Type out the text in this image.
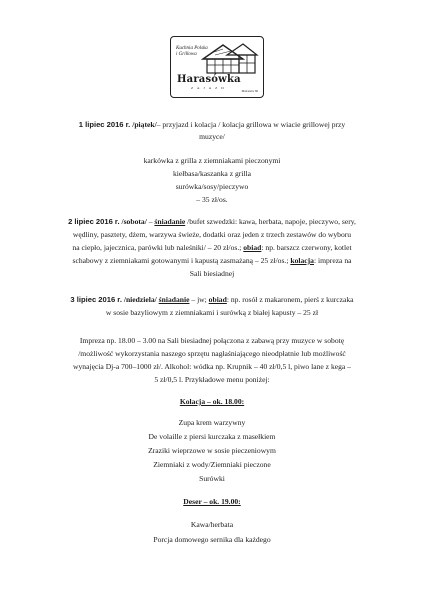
Kuchnia Polska
i Grillowa
Harasówka
Z A J A Z D
Malcanów 66
1 lipiec 2016 r. /piątek/– przyjazd i kolacja / kolacja grillowa w wiacie grillowej przy
muzyce/
karkówka z grilla z ziemniakami pieczonymi
kiełbasa/kaszanka z grilla
surówka/sosy/pieczywo
– 35 zł/os.
2 lipiec 2016 r. /sobota/ – śniadanie /bufet szwedzki: kawa, herbata, napoje, pieczywo, sery,
wędliny, pasztety, dżem, warzywa świeże, dodatki oraz jeden z trzech zestawów do wyboru
na ciepło, jajecznica, parówki lub naleśniki/ – 20 zł/os.; obiad: np. barszcz czerwony, kotlet
schabowy z ziemniakami gotowanymi i kapustą zasmażaną – 25 zł/os.; kolacja: impreza na
Sali biesiadnej
3 lipiec 2016 r. /niedziela/ śniadanie – jw; obiad: np. rosół z makaronem, pierś z kurczaka
w sosie bazyliowym z ziemniakami i surówką z białej kapusty – 25 zł
Impreza np. 18.00 – 3.00 na Sali biesiadnej połączona z zabawą przy muzyce w sobotę
/możliwość wykorzystania naszego sprzętu nagłaśniającego nieodpłatnie lub możliwość
wynajęcia Dj-a 700–1000 zł/. Alkohol: wódka np. Krupnik – 40 zł/0,5 l, piwo lane z kega –
5 zł/0,5 l. Przykładowe menu poniżej:
Kolacja – ok. 18.00:
Zupa krem warzywny
De volaille z piersi kurczaka z masełkiem
Zraziki wieprzowe w sosie pieczeniowym
Ziemniaki z wody/Ziemniaki pieczone
Surówki
Deser – ok. 19.00:
Kawa/herbata
Porcja domowego sernika dla każdego
